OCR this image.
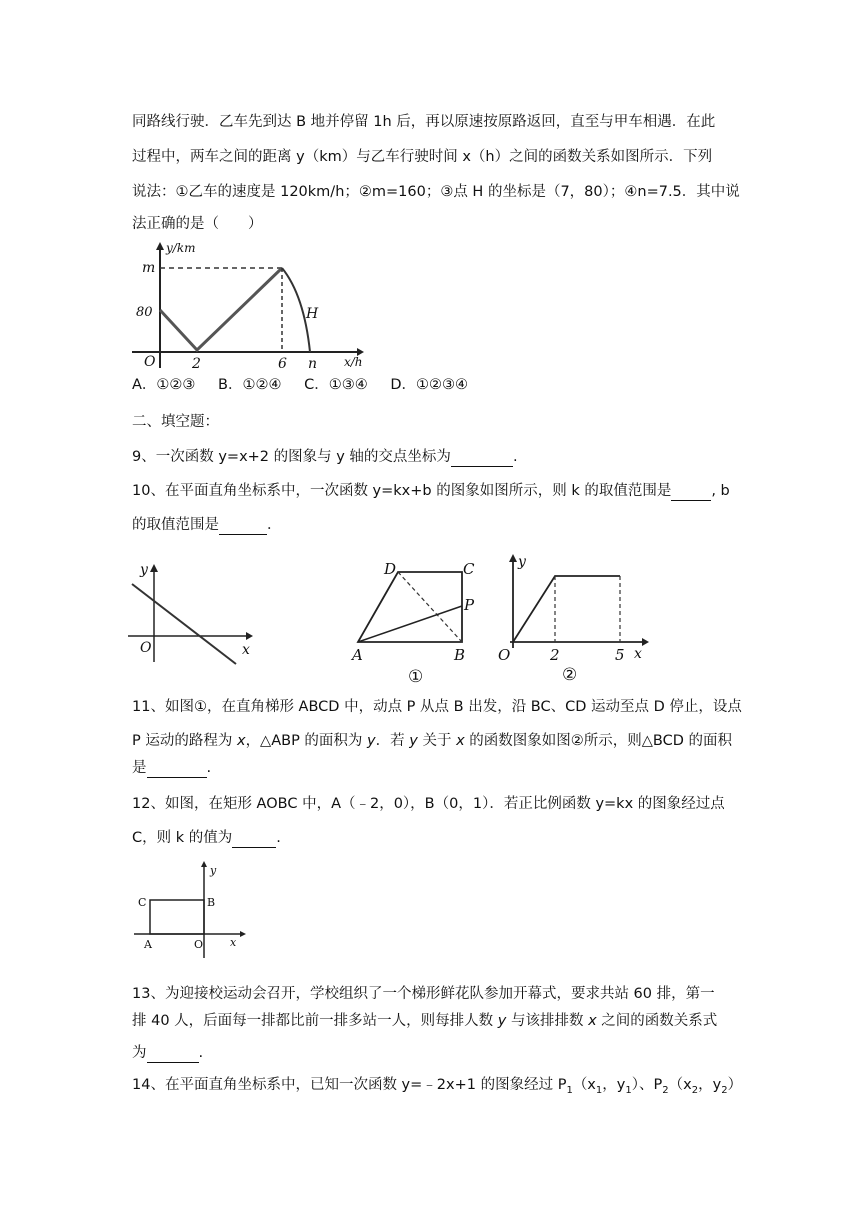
同路线行驶．乙车先到达 B 地并停留 1h 后，再以原速按原路返回，直至与甲车相遇．在此
过程中，两车之间的距离 y（km）与乙车行驶时间 x（h）之间的函数关系如图所示．下列
说法：①乙车的速度是 120km/h；②m=160；③点 H 的坐标是（7，80）；④n=7.5．其中说
法正确的是（　　）
y/km
m
80	H
O	2	6 n x/h
A．①②③ B．①②④ C．①③④ D．①②③④
二、填空题：
9、一次函数 y=x+2 的图象与 y 轴的交点坐标为	.
10、在平面直角坐标系中，一次函数 y=kx+b 的图象如图所示，则 k 的取值范围是	, b
的取值范围是	．
y
x
O
D	C
P
A	B
①
y
x
O	2	5
②
11、如图①，在直角梯形 ABCD 中，动点 P 从点 B 出发，沿 BC、CD 运动至点 D 停止，设点
P 运动的路程为 x，△ABP 的面积为 y．若 y 关于 x 的函数图象如图②所示，则△BCD 的面积
是	.
12、如图，在矩形 AOBC 中，A（﹣2，0），B（0，1）．若正比例函数 y=kx 的图象经过点
C，则 k 的值为	.
y
x
C	B
A	O
13、为迎接校运动会召开，学校组织了一个梯形鲜花队参加开幕式，要求共站 60 排，第一
排 40 人，后面每一排都比前一排多站一人，则每排人数 y 与该排排数 x 之间的函数关系式
为	.
14、在平面直角坐标系中，已知一次函数 y=﹣2x+1 的图象经过 $P_1(x_1$，$y_1$）、$P_2(x_2$，$y_2$）
